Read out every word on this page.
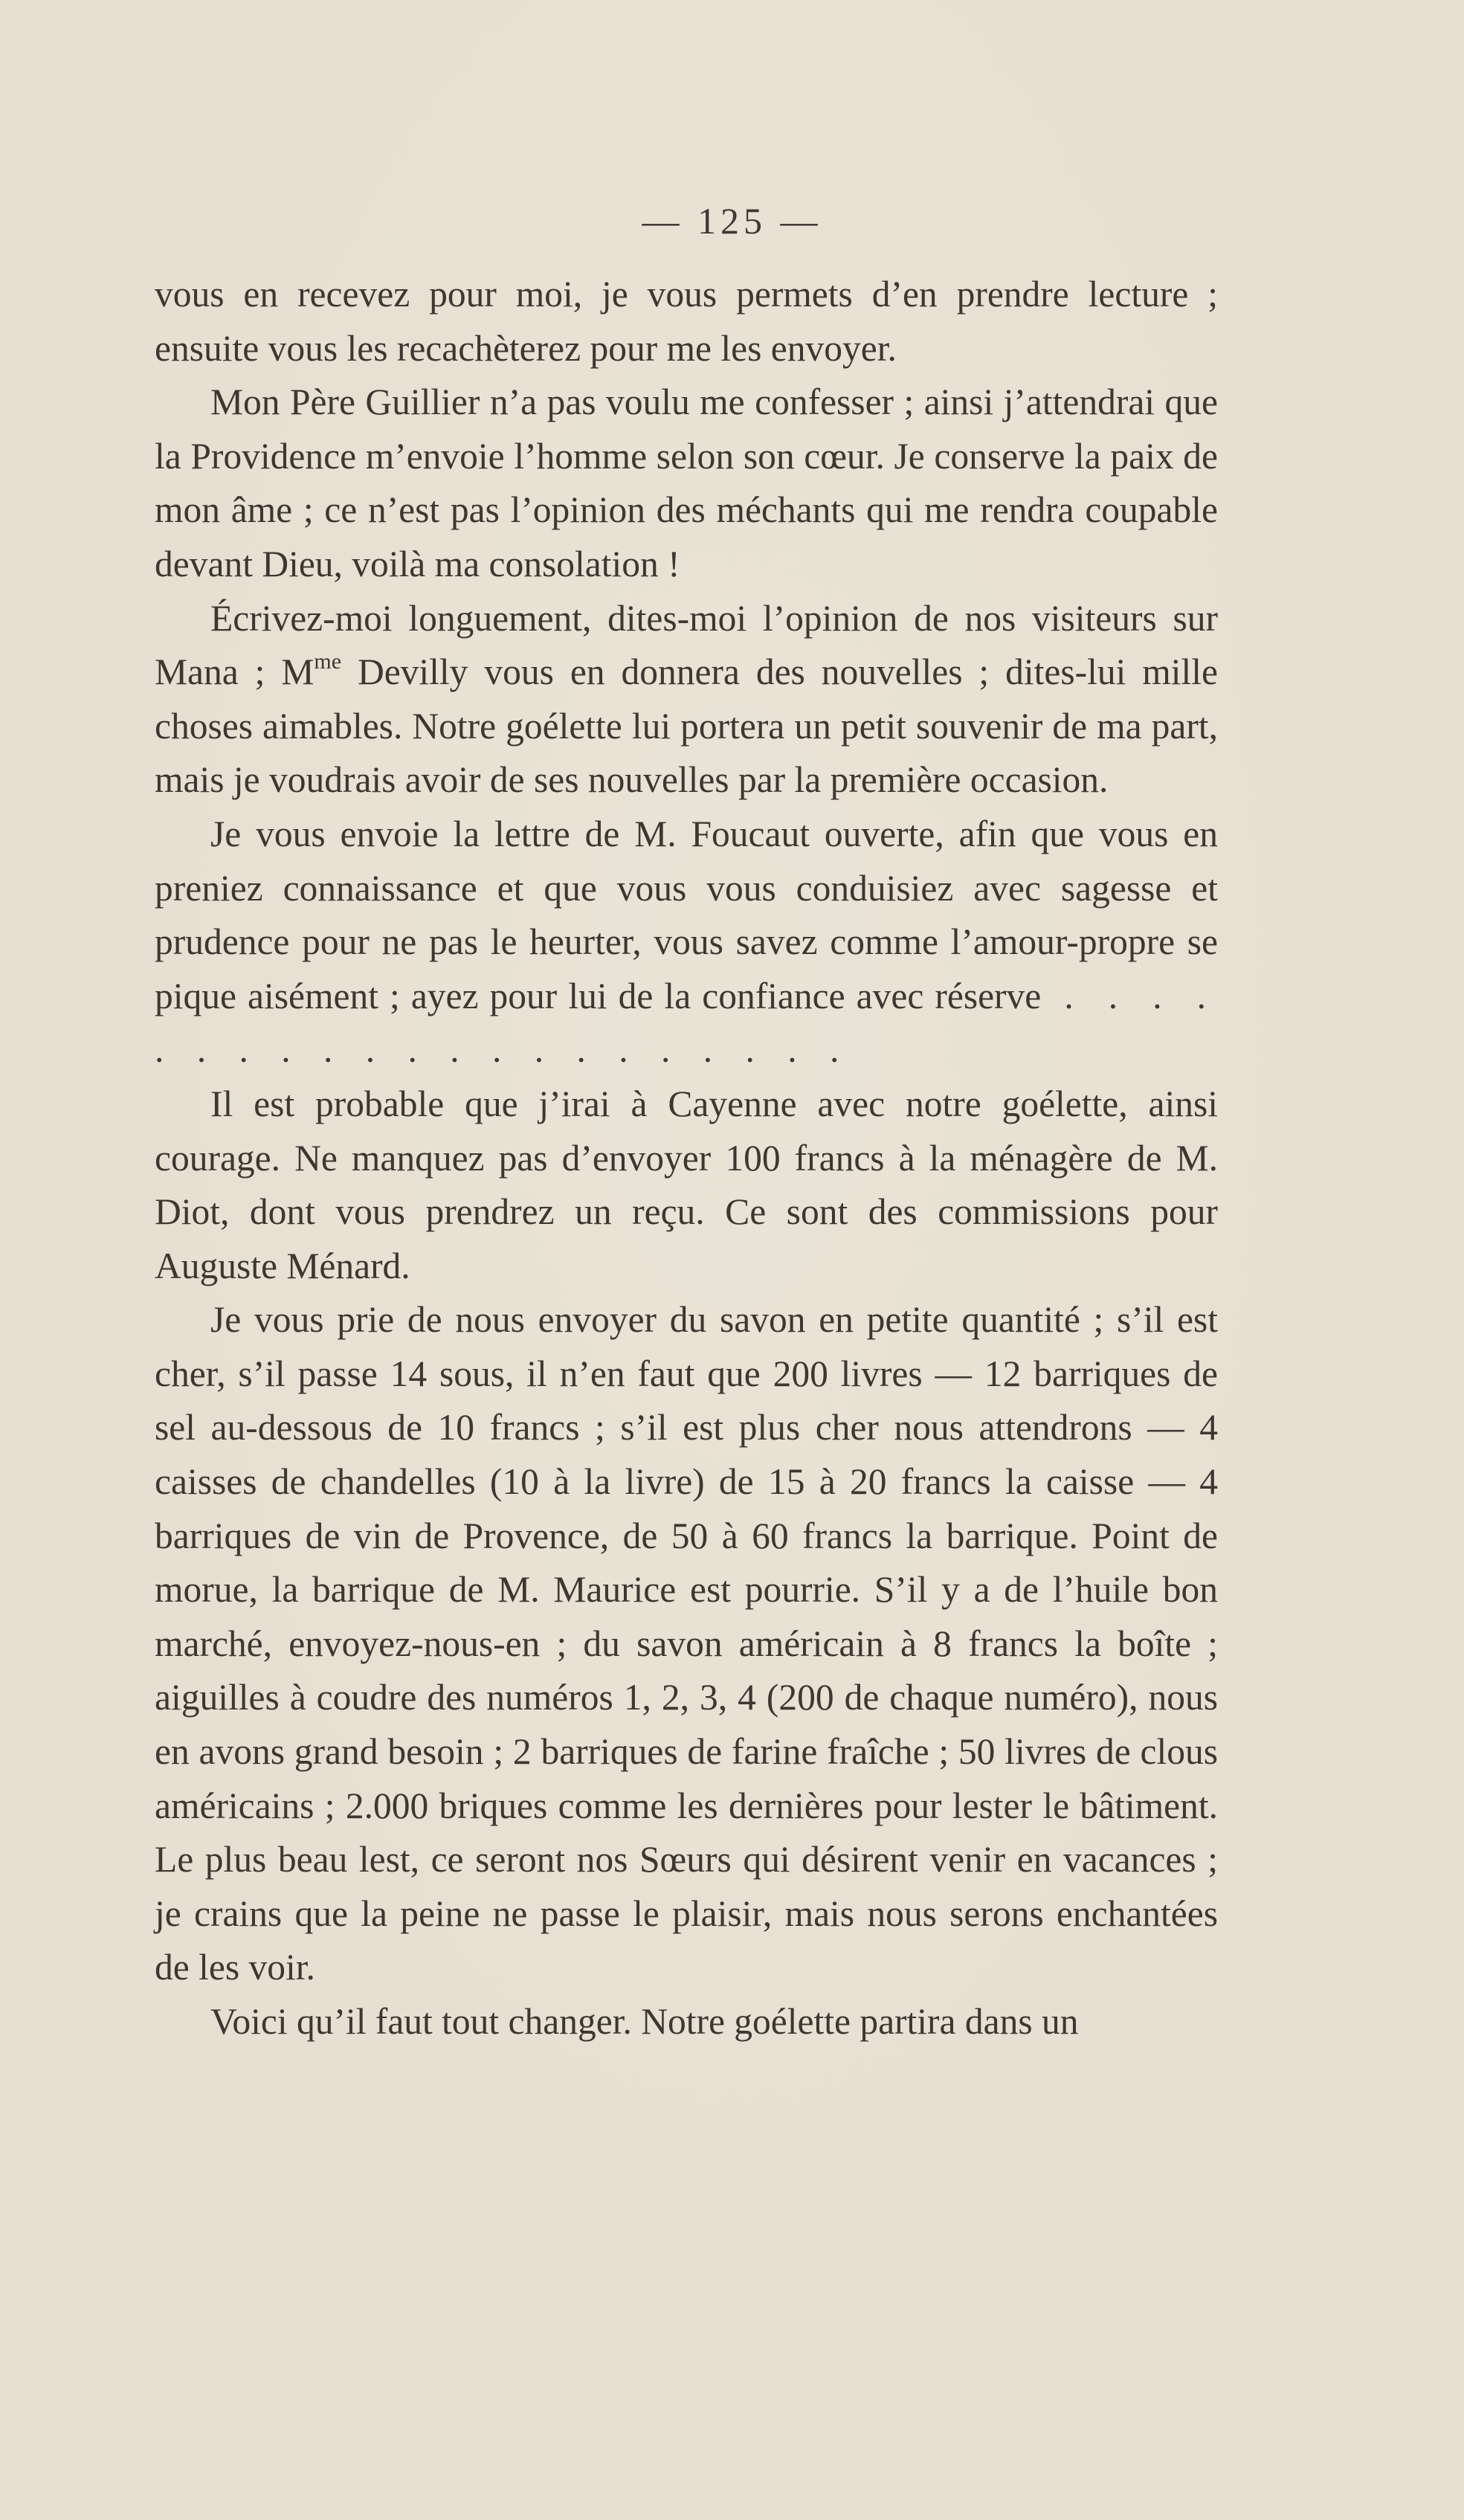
— 125 —

vous en recevez pour moi, je vous permets d’en prendre lecture ; ensuite vous les recachèterez pour me les envoyer.

Mon Père Guillier n’a pas voulu me confesser ; ainsi j’attendrai que la Providence m’envoie l’homme selon son cœur. Je conserve la paix de mon âme ; ce n’est pas l’opinion des méchants qui me rendra coupable devant Dieu, voilà ma consolation !

Écrivez-moi longuement, dites-moi l’opinion de nos visiteurs sur Mana ; $M^{me}$ Devilly vous en donnera des nouvelles ; dites-lui mille choses aimables. Notre goélette lui portera un petit souvenir de ma part, mais je voudrais avoir de ses nouvelles par la première occasion.

Je vous envoie la lettre de M. Foucaut ouverte, afin que vous en preniez connaissance et que vous vous conduisiez avec sagesse et prudence pour ne pas le heurter, vous savez comme l’amour-propre se pique aisément ; ayez pour lui de la confiance avec réserve . . . . . . . . . . . . . . . . . . . . .

Il est probable que j’irai à Cayenne avec notre goélette, ainsi courage. Ne manquez pas d’envoyer 100 francs à la ménagère de M. Diot, dont vous prendrez un reçu. Ce sont des commissions pour Auguste Ménard.

Je vous prie de nous envoyer du savon en petite quantité ; s’il est cher, s’il passe 14 sous, il n’en faut que 200 livres — 12 barriques de sel au-dessous de 10 francs ; s’il est plus cher nous attendrons — 4 caisses de chandelles (10 à la livre) de 15 à 20 francs la caisse — 4 barriques de vin de Provence, de 50 à 60 francs la barrique. Point de morue, la barrique de M. Maurice est pourrie. S’il y a de l’huile bon marché, envoyez-nous-en ; du savon américain à 8 francs la boîte ; aiguilles à coudre des numéros 1, 2, 3, 4 (200 de chaque numéro), nous en avons grand besoin ; 2 barriques de farine fraîche ; 50 livres de clous américains ; 2.000 briques comme les dernières pour lester le bâtiment. Le plus beau lest, ce seront nos Sœurs qui désirent venir en vacances ; je crains que la peine ne passe le plaisir, mais nous serons enchantées de les voir.

Voici qu’il faut tout changer. Notre goélette partira dans un
